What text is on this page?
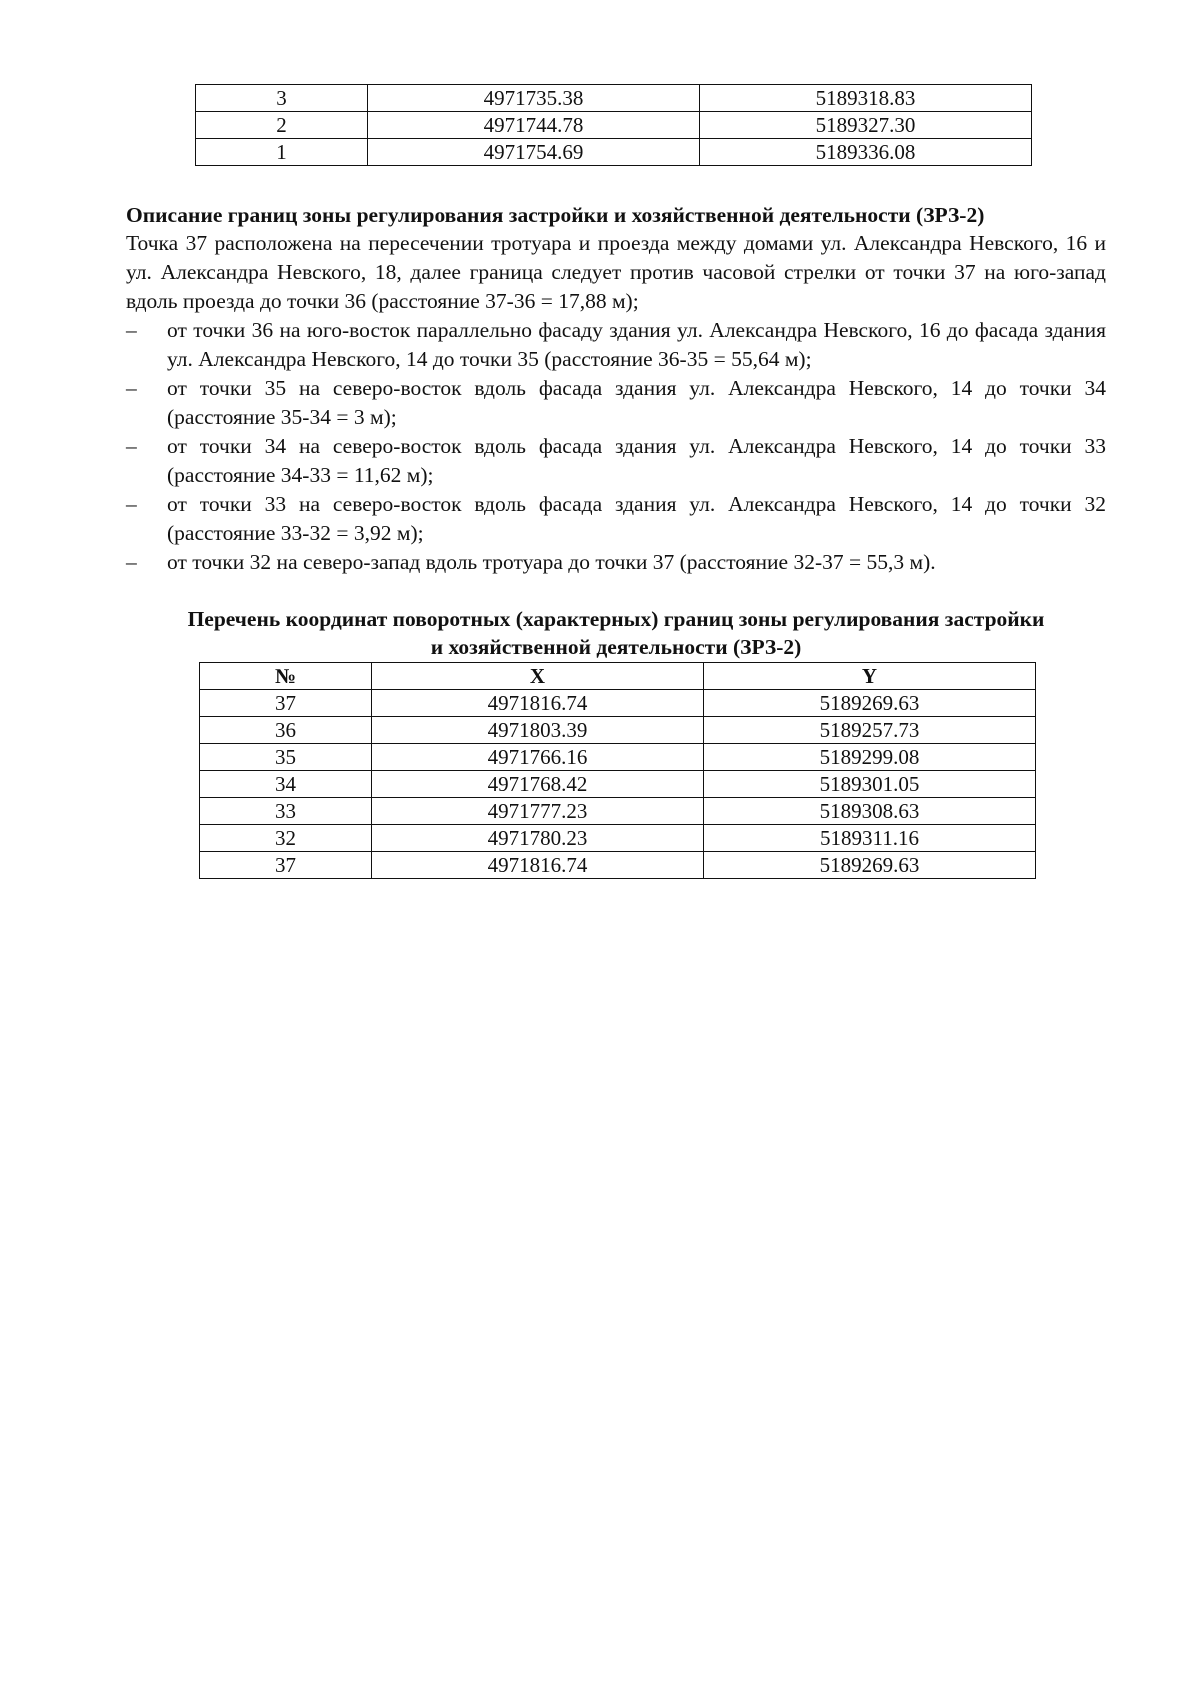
3	4971735.38	5189318.83
2	4971744.78	5189327.30
1	4971754.69	5189336.08
Описание границ зоны регулирования застройки и хозяйственной деятельности (ЗРЗ-2)

Точка 37 расположена на пересечении тротуара и проезда между домами ул. Александра Невского, 16 и ул. Александра Невского, 18, далее граница следует против часовой стрелки от точки 37 на юго-запад вдоль проезда до точки 36 (расстояние 37-36 = 17,88 м);

– от точки 36 на юго-восток параллельно фасаду здания ул. Александра Невского, 16 до фасада здания ул. Александра Невского, 14 до точки 35 (расстояние 36-35 = 55,64 м);
– от точки 35 на северо-восток вдоль фасада здания ул. Александра Невского, 14 до точки 34 (расстояние 35-34 = 3 м);
– от точки 34 на северо-восток вдоль фасада здания ул. Александра Невского, 14 до точки 33 (расстояние 34-33 = 11,62 м);
– от точки 33 на северо-восток вдоль фасада здания ул. Александра Невского, 14 до точки 32 (расстояние 33-32 = 3,92 м);
– от точки 32 на северо-запад вдоль тротуара до точки 37 (расстояние 32-37 = 55,3 м).
Перечень координат поворотных (характерных) границ зоны регулирования застройки
и хозяйственной деятельности (ЗРЗ-2)
№	X	Y
37	4971816.74	5189269.63
36	4971803.39	5189257.73
35	4971766.16	5189299.08
34	4971768.42	5189301.05
33	4971777.23	5189308.63
32	4971780.23	5189311.16
37	4971816.74	5189269.63
